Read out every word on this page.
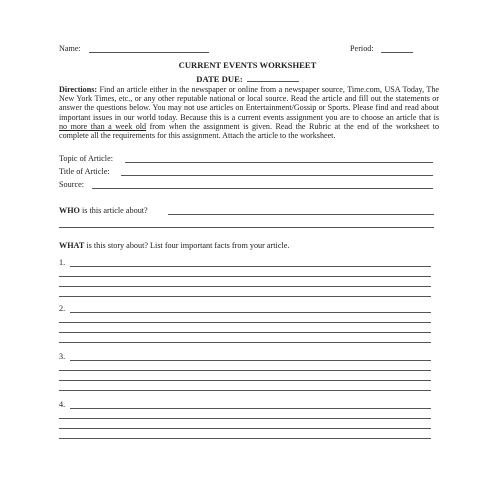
Name:	Period:
CURRENT EVENTS WORKSHEET
DATE DUE:
Directions: Find an article either in the newspaper or online from a newspaper source, Time.com, USA Today, The New York Times, etc., or any other reputable national or local source. Read the article and fill out the statements or answer the questions below. You may not use articles on Entertainment/Gossip or Sports. Please find and read about important issues in our world today. Because this is a current events assignment you are to choose an article that is no more than a week old from when the assignment is given. Read the Rubric at the end of the worksheet to complete all the requirements for this assignment. Attach the article to the worksheet.
Topic of Article:
Title of Article:
Source:
WHO is this article about?
WHAT is this story about? List four important facts from your article.
1.
2.
3.
4.
